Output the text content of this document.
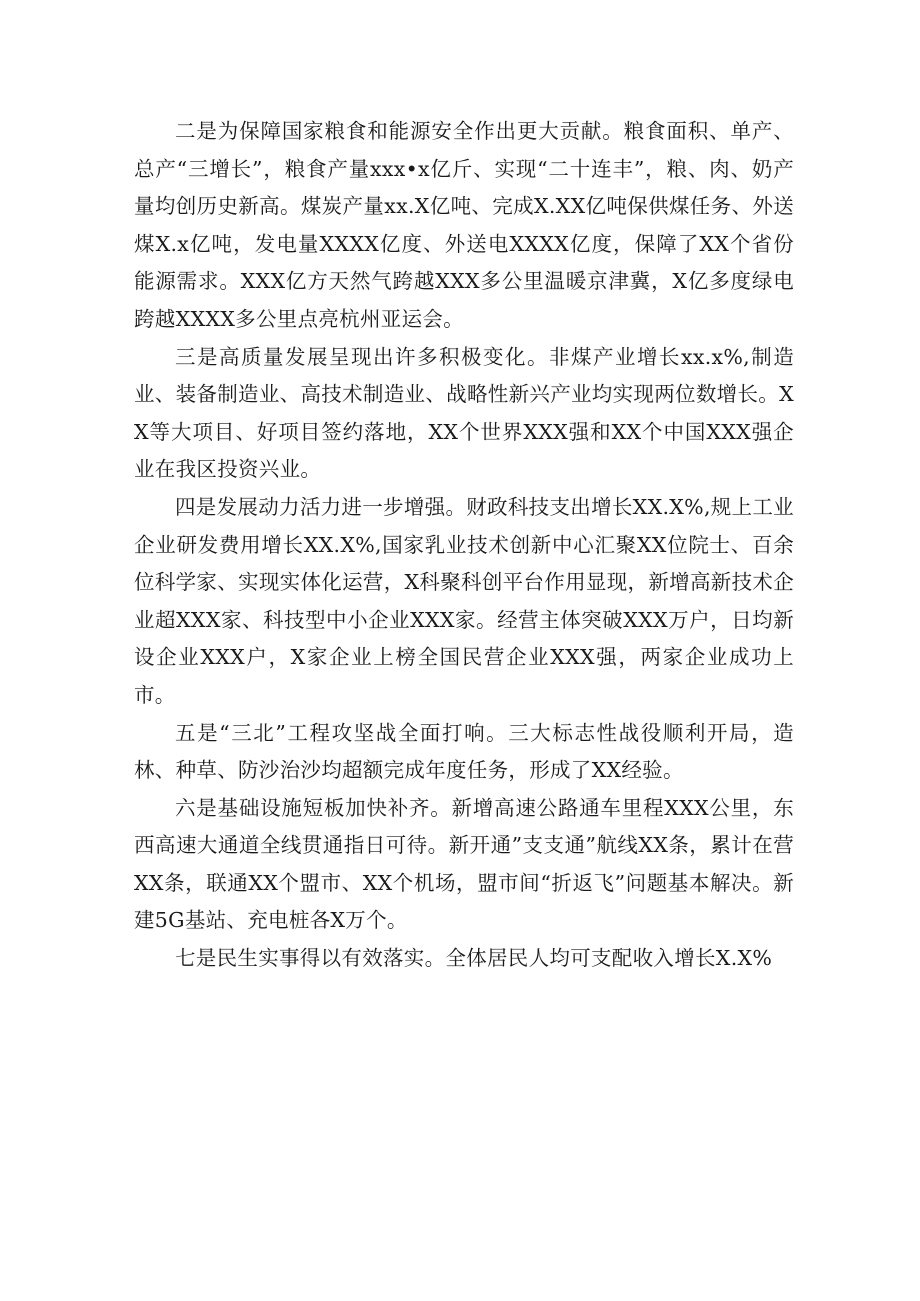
二是为保障国家粮食和能源安全作出更大贡献。粮食面积、单产、总产“三增长”，粮食产量xxx•x亿斤、实现“二十连丰”，粮、肉、奶产量均创历史新高。煤炭产量xx.X亿吨、完成X.XX亿吨保供煤任务、外送煤X.x亿吨，发电量XXXX亿度、外送电XXXX亿度，保障了XX个省份能源需求。XXX亿方天然气跨越XXX多公里温暖京津冀，X亿多度绿电跨越XXXX多公里点亮杭州亚运会。

三是高质量发展呈现出许多积极变化。非煤产业增长xx.x%,制造业、装备制造业、高技术制造业、战略性新兴产业均实现两位数增长。XX等大项目、好项目签约落地，XX个世界XXX强和XX个中国XXX强企业在我区投资兴业。

四是发展动力活力进一步增强。财政科技支出增长XX.X%,规上工业企业研发费用增长XX.X%,国家乳业技术创新中心汇聚XX位院士、百余位科学家、实现实体化运营，X科聚科创平台作用显现，新增高新技术企业超XXX家、科技型中小企业XXX家。经营主体突破XXX万户，日均新设企业XXX户，X家企业上榜全国民营企业XXX强，两家企业成功上市。

五是“三北”工程攻坚战全面打响。三大标志性战役顺利开局，造林、种草、防沙治沙均超额完成年度任务，形成了XX经验。

六是基础设施短板加快补齐。新增高速公路通车里程XXX公里，东西高速大通道全线贯通指日可待。新开通”支支通”航线XX条，累计在营XX条，联通XX个盟市、XX个机场，盟市间“折返飞”问题基本解决。新建5G基站、充电桩各X万个。

七是民生实事得以有效落实。全体居民人均可支配收入增长X.X%
